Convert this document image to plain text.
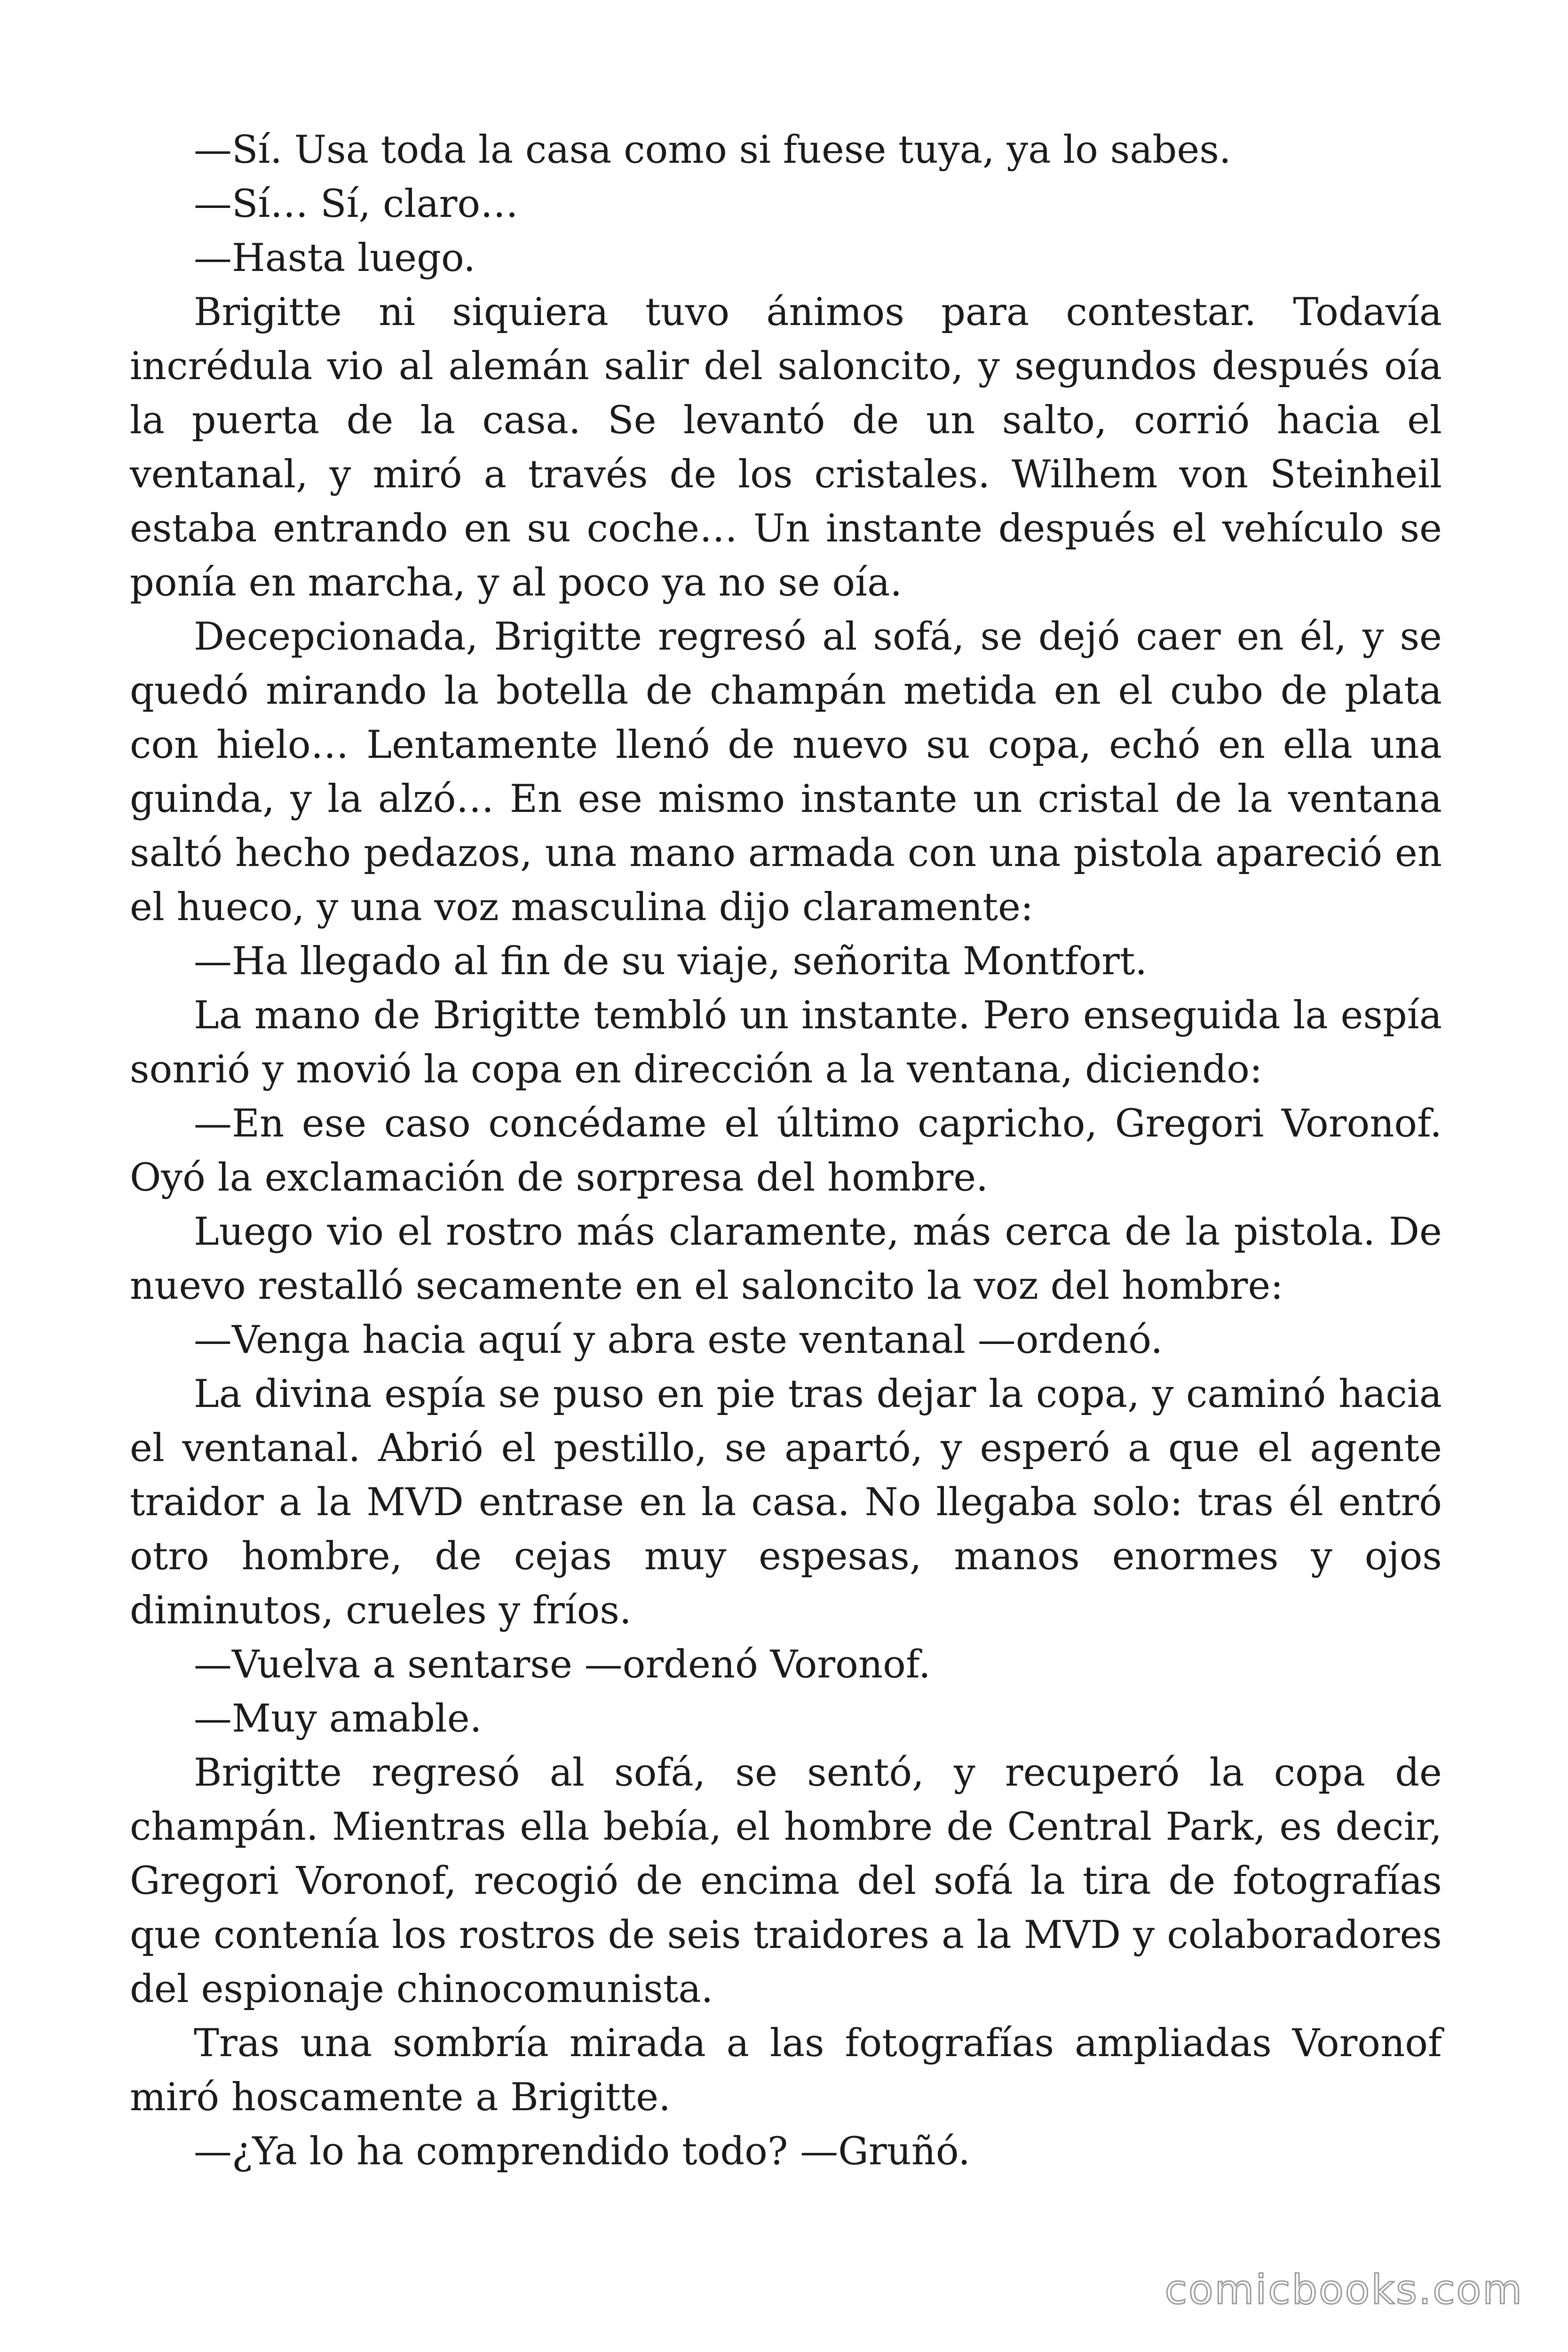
—Sí. Usa toda la casa como si fuese tuya, ya lo sabes.

—Sí… Sí, claro…

—Hasta luego.

Brigitte ni siquiera tuvo ánimos para contestar. Todavía incrédula vio al alemán salir del saloncito, y segundos después oía la puerta de la casa. Se levantó de un salto, corrió hacia el ventanal, y miró a través de los cristales. Wilhem von Steinheil estaba entrando en su coche… Un instante después el vehículo se ponía en marcha, y al poco ya no se oía.

Decepcionada, Brigitte regresó al sofá, se dejó caer en él, y se quedó mirando la botella de champán metida en el cubo de plata con hielo… Lentamente llenó de nuevo su copa, echó en ella una guinda, y la alzó… En ese mismo instante un cristal de la ventana saltó hecho pedazos, una mano armada con una pistola apareció en el hueco, y una voz masculina dijo claramente:

—Ha llegado al fin de su viaje, señorita Montfort.

La mano de Brigitte tembló un instante. Pero enseguida la espía sonrió y movió la copa en dirección a la ventana, diciendo:

—En ese caso concédame el último capricho, Gregori Voronof. Oyó la exclamación de sorpresa del hombre.

Luego vio el rostro más claramente, más cerca de la pistola. De nuevo restalló secamente en el saloncito la voz del hombre:

—Venga hacia aquí y abra este ventanal —ordenó.

La divina espía se puso en pie tras dejar la copa, y caminó hacia el ventanal. Abrió el pestillo, se apartó, y esperó a que el agente traidor a la MVD entrase en la casa. No llegaba solo: tras él entró otro hombre, de cejas muy espesas, manos enormes y ojos diminutos, crueles y fríos.

—Vuelva a sentarse —ordenó Voronof.

—Muy amable.

Brigitte regresó al sofá, se sentó, y recuperó la copa de champán. Mientras ella bebía, el hombre de Central Park, es decir, Gregori Voronof, recogió de encima del sofá la tira de fotografías que contenía los rostros de seis traidores a la MVD y colaboradores del espionaje chinocomunista.

Tras una sombría mirada a las fotografías ampliadas Voronof miró hoscamente a Brigitte.

—¿Ya lo ha comprendido todo? —Gruñó.

comicbooks.com
